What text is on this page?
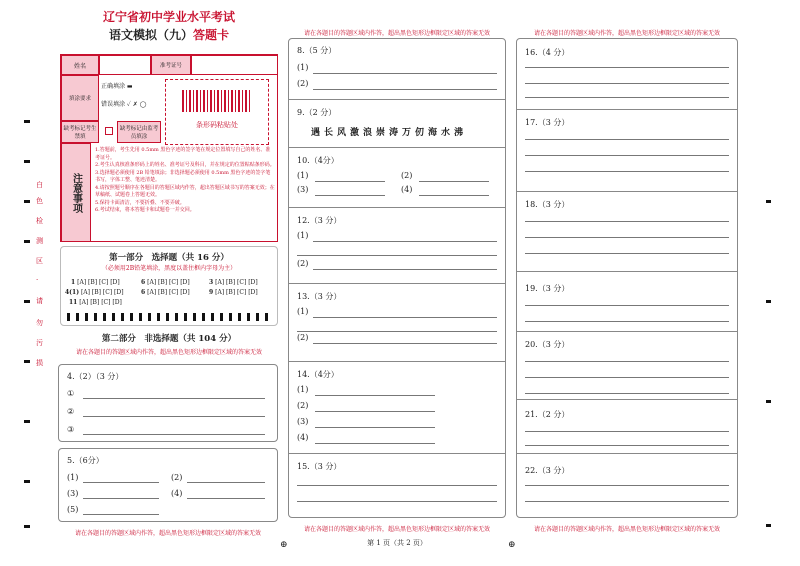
白
色
检
测
区
·
请
勿
污
损
辽宁省初中学业水平考试
语文模拟（九）答题卡
姓名	准考证号
填涂要求
正确填涂 ▬
错误填涂 ✓ ✗ ◯
条形码粘贴处
缺考标记考生禁填
缺考标记由监考员填涂
注意事项
1.答题前，考生先用 0.5mm 黑色字迹的签字笔在规定位置填写自己的姓名、准考证号。
2.考生认真核准条形码上的姓名、准考证号及科目，并在规定的位置粘贴条形码。
3.选择题必须使用 2B 铅笔填涂；非选择题必须使用 0.5mm 黑色字迹的签字笔书写，字体工整、笔迹清楚。
4.请按照题号顺序在各题目的答题区域内作答，超出答题区域书写的答案无效；在草稿纸、试题卷上答题无效。
5.保持卡面清洁，不要折叠、不要弄破。
6.考试结束，将本答题卡和试题卷一并交回。
第一部分　选择题（共 16 分）
（必须用2B铅笔填涂，黑度以盖住框内字母为主）
1 [A] [B] [C] [D]	6 [A] [B] [C] [D]	3 [A] [B] [C] [D]
4(1) [A] [B] [C] [D]	6 [A] [B] [C] [D]	9 [A] [B] [C] [D]
11 [A] [B] [C] [D]
第二部分　非选择题（共 104 分）
请在各题目的答题区域内作答，超出黑色矩形边框限定区域的答案无效
4.（2）（3 分）
①
②
③
5.（6分）
(1)	(2)
(3)	(4)
(5)
请在各题目的答题区域内作答，超出黑色矩形边框限定区域的答案无效
请在各题目的答题区域内作答，超出黑色矩形边框限定区域的答案无效
8.（5 分）
(1)
(2)
9.（2 分）
遇长风激浪崇涛万仞海水沸
10.（4分）
(1)	(2)
(3)	(4)
12.（3 分）
(1)
(2)
13.（3 分）
(1)
(2)
14.（4分）
(1)
(2)
(3)
(4)
15.（3 分）
请在各题目的答题区域内作答，超出黑色矩形边框限定区域的答案无效
第 1 页（共 2 页）
⊕	⊕
请在各题目的答题区域内作答，超出黑色矩形边框限定区域的答案无效
16.（4 分）
17.（3 分）
18.（3 分）
19.（3 分）
20.（3 分）
21.（2 分）
22.（3 分）
请在各题目的答题区域内作答，超出黑色矩形边框限定区域的答案无效
